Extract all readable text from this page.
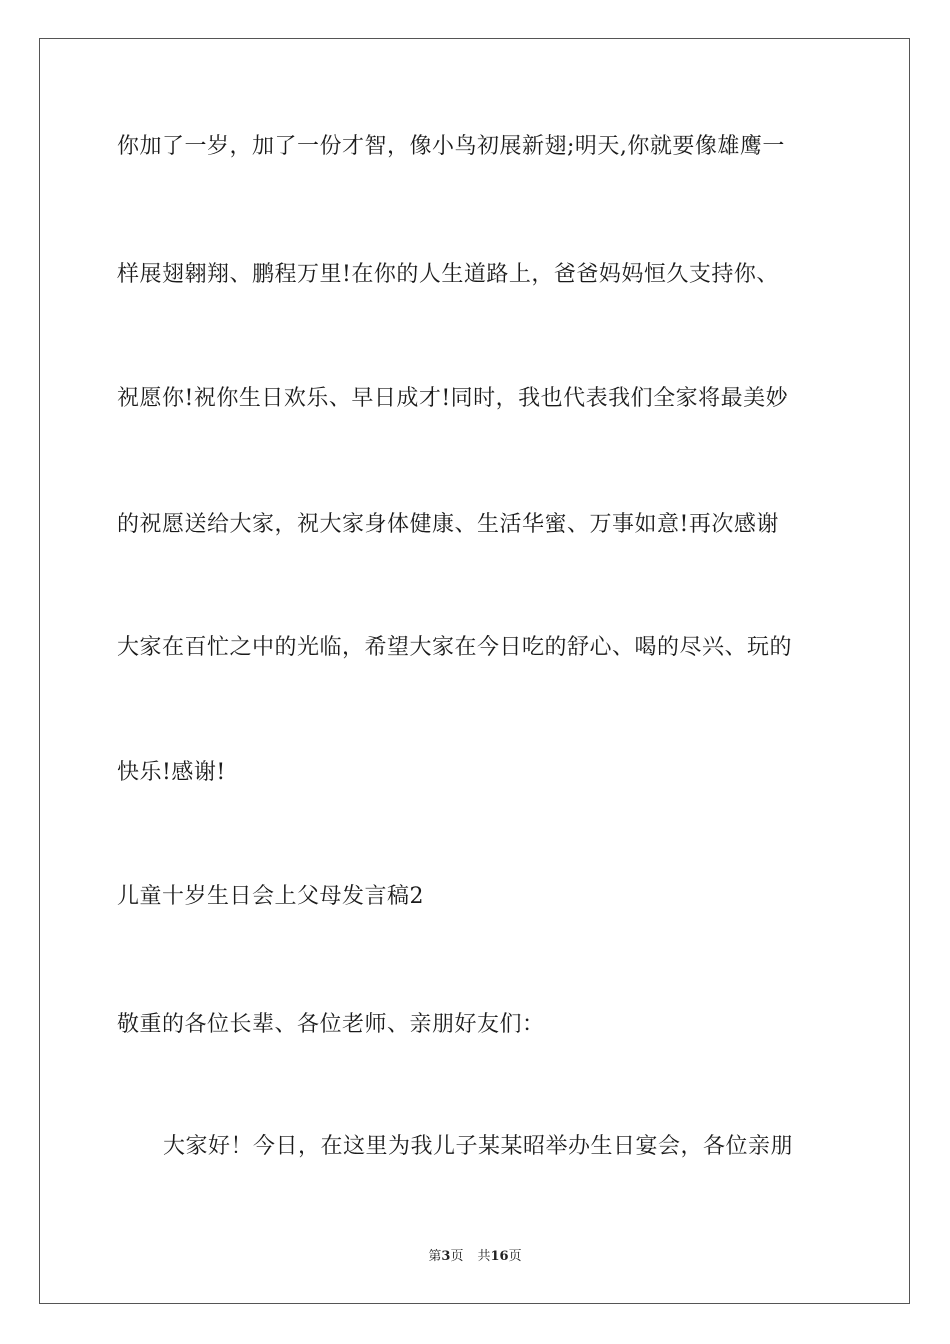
你加了一岁，加了一份才智，像小鸟初展新翅;明天,你就要像雄鹰一
样展翅翱翔、鹏程万里!在你的人生道路上，爸爸妈妈恒久支持你、
祝愿你!祝你生日欢乐、早日成才!同时，我也代表我们全家将最美妙
的祝愿送给大家，祝大家身体健康、生活华蜜、万事如意!再次感谢
大家在百忙之中的光临，希望大家在今日吃的舒心、喝的尽兴、玩的
快乐!感谢!
儿童十岁生日会上父母发言稿2
敬重的各位长辈、各位老师、亲朋好友们：
大家好！今日，在这里为我儿子某某昭举办生日宴会，各位亲朋
第3页 共16页
